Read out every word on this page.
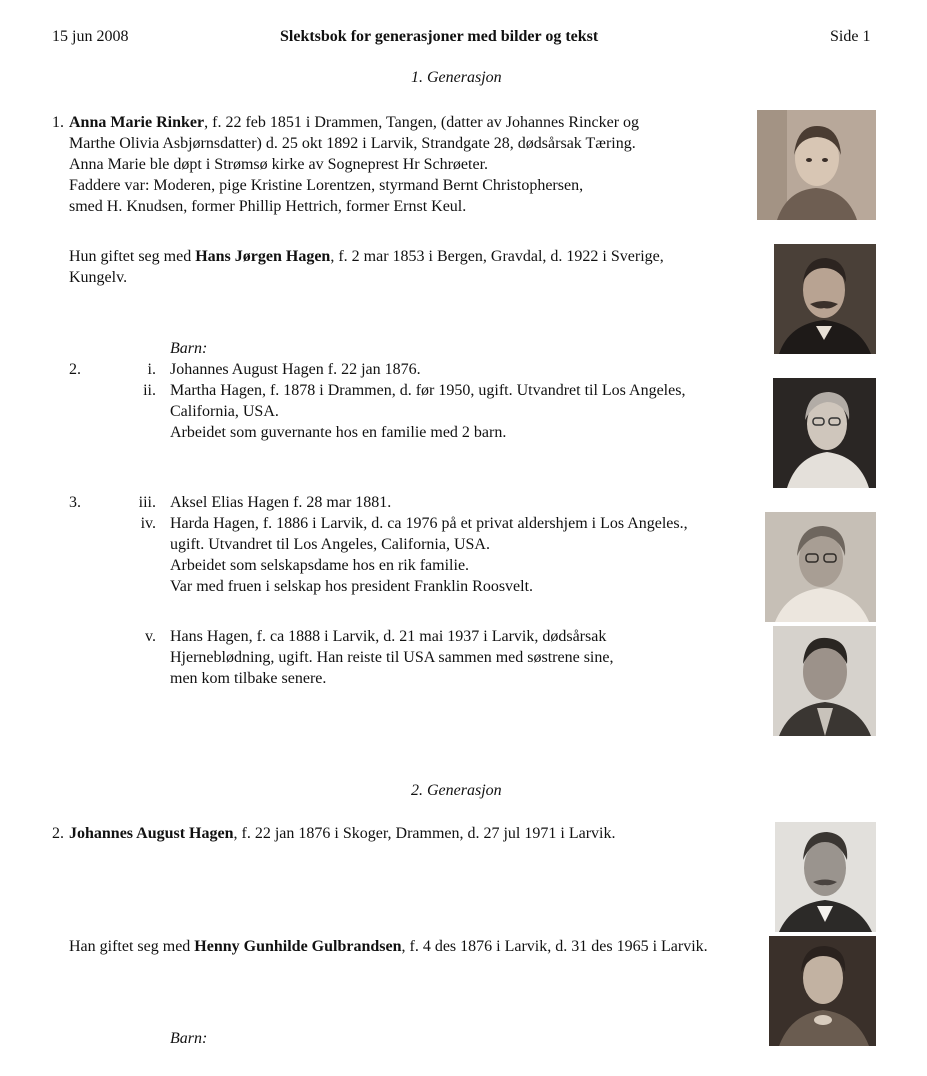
15 jun 2008	Slektsbok for generasjoner med bilder og tekst	Side 1
1. Generasjon
1. Anna Marie Rinker, f. 22 feb 1851 i Drammen, Tangen, (datter av Johannes Rincker og
Marthe Olivia Asbjørnsdatter) d. 25 okt 1892 i Larvik, Strandgate 28, dødsårsak Tæring.
Anna Marie ble døpt i Strømsø kirke av Sogneprest Hr Schrøeter.
Faddere var: Moderen, pige Kristine Lorentzen, styrmand Bernt Christophersen,
smed H. Knudsen, former Phillip Hettrich, former Ernst Keul.
Hun giftet seg med Hans Jørgen Hagen, f. 2 mar 1853 i Bergen, Gravdal, d. 1922 i Sverige,
Kungelv.
Barn:
2.	i. Johannes August Hagen f. 22 jan 1876.
ii. Martha Hagen, f. 1878 i Drammen, d. før 1950, ugift. Utvandret til Los Angeles,
California, USA.
Arbeidet som guvernante hos en familie med 2 barn.
3.	iii. Aksel Elias Hagen f. 28 mar 1881.
iv. Harda Hagen, f. 1886 i Larvik, d. ca 1976 på et privat aldershjem i Los Angeles.,
ugift. Utvandret til Los Angeles, California, USA.
Arbeidet som selskapsdame hos en rik familie.
Var med fruen i selskap hos president Franklin Roosvelt.
v. Hans Hagen, f. ca 1888 i Larvik, d. 21 mai 1937 i Larvik, dødsårsak
Hjerneblødning, ugift. Han reiste til USA sammen med søstrene sine,
men kom tilbake senere.
2. Generasjon
2. Johannes August Hagen, f. 22 jan 1876 i Skoger, Drammen, d. 27 jul 1971 i Larvik.
Han giftet seg med Henny Gunhilde Gulbrandsen, f. 4 des 1876 i Larvik, d. 31 des 1965 i Larvik.
Barn:
